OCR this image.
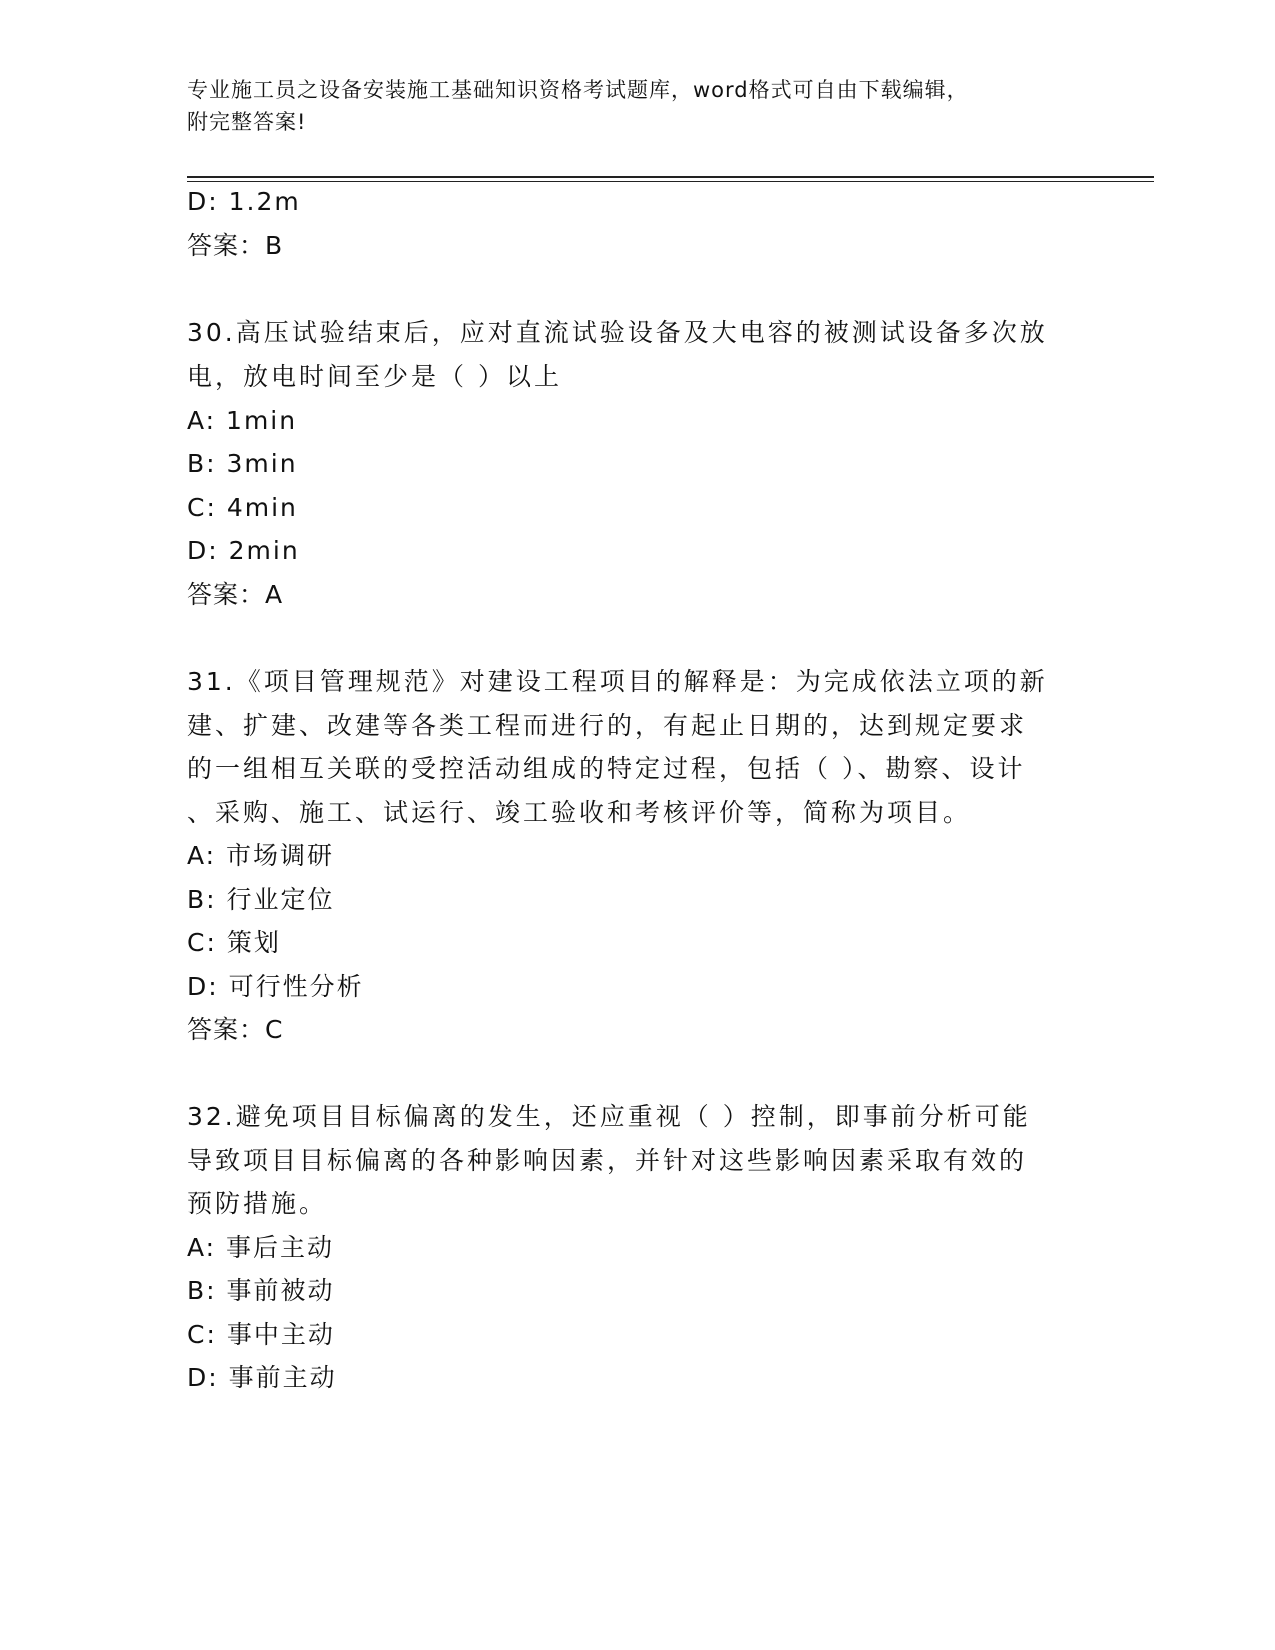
专业施工员之设备安装施工基础知识资格考试题库，word格式可自由下载编辑，
附完整答案!
D: 1.2m
答案：B
30.高压试验结束后，应对直流试验设备及大电容的被测试设备多次放
电，放电时间至少是（ ）以上
A: 1min
B: 3min
C: 4min
D: 2min
答案：A
31.《项目管理规范》对建设工程项目的解释是：为完成依法立项的新
建、扩建、改建等各类工程而进行的，有起止日期的，达到规定要求
的一组相互关联的受控活动组成的特定过程，包括（ ）、勘察、设计
、采购、施工、试运行、竣工验收和考核评价等，简称为项目。
A: 市场调研
B: 行业定位
C: 策划
D: 可行性分析
答案：C
32.避免项目目标偏离的发生，还应重视（ ）控制，即事前分析可能
导致项目目标偏离的各种影响因素，并针对这些影响因素采取有效的
预防措施。
A: 事后主动
B: 事前被动
C: 事中主动
D: 事前主动
